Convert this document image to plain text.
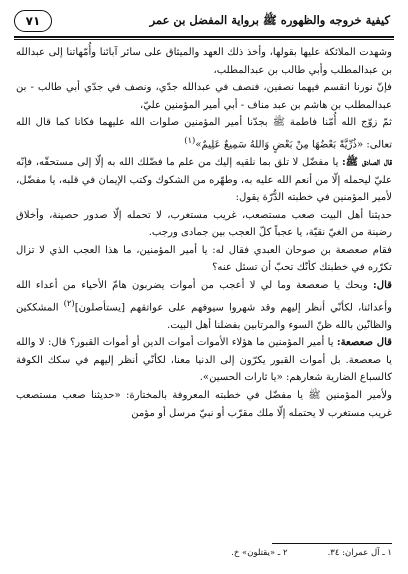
٧١	كيفية خروجه والظهوره ﷺ برواية المفضل بن عمر

وشهدت الملائكة عليها بقولها، وأخذ ذلك العهد والميثاق على سائر آبائنا وأُمّهاتنا إلى عبدالله بن عبدالمطلب وأبي طالب بن عبدالمطلب،

فإنّ نورنا انقسم فيهما نصفين، فنصف في عبدالله جدّي، ونصف في جدّي أبي طالب - بن عبدالمطلب بن هاشم بن عبد مناف - أبي أمير المؤمنين عليّ،

ثمّ زوّج الله أُمّنا فاطمة ﷺ بجدّنا أمير المؤمنين صلوات الله عليهما فكانا كما قال الله تعالى: «ذُرِّيَّةً بَعْضُهَا مِنْ بَعْضٍ وَاللهُ سَمِيعٌ عَلِيمٌ»$^{(١)}$

قال الصادق ﷺ: يا مفضّل لا تلق بما نلقيه إليك من علم ما فضّلك الله به إلّا إلى مستحقّه، فإنّه عليّ ليحمله إلّا من أنعم الله عليه به، وطهّره من الشكوك وكتب الإيمان في قلبه، يا مفضّل، لأمير المؤمنين في خطبته الدُّرّة يقول:

حديثنا أهل البيت صعب مستصعب، غريب مستغرب، لا تحمله إلّا صدور حصينة، وأخلاق رضينة من الغيّ نقيّة، يا عجباً كلّ العجب بين جمادى ورجب.

فقام صعصعة بن صوحان العبدي فقال له: يا أمير المؤمنين، ما هذا العجب الذي لا تزال تكرّره في خطبتك كأنّك تحبّ أن تسئل عنه؟

قال: وبحك يا صعصعة وما لي لا أعجب من أموات يضربون هامّ الأحياء من أعداء الله وأعدائنا، لكأنّي أنظر إليهم وقد شهروا سيوفهم على عواتقهم [يستأصلون]$^{(٢)}$ المشككين والظانّين بالله ظنّ السوء والمرتابين بفضلنا أهل البيت.

قال صعصعة: يا أمير المؤمنين ما هؤلاء الأموات أموات الدين أو أموات القبور؟ قال: لا والله يا صعصعة. بل أموات القبور يكرّون إلى الدنيا معنا، لكأنّي أنظر إليهم في سكك الكوفة كالسباع الضارية شعارهم: «يا ثارات الحسين».

ولأمير المؤمنين ﷺ يا مفضّل في خطبته المعروفة بالمختارة: «حديثنا صعب مستصعب غريب مستغرب لا يحتمله إلّا ملك مقرّب أو نبيّ مرسل أو مؤمن

١ ـ آل عمران: ٣٤.
٢ ـ «يقتلون» خ.
